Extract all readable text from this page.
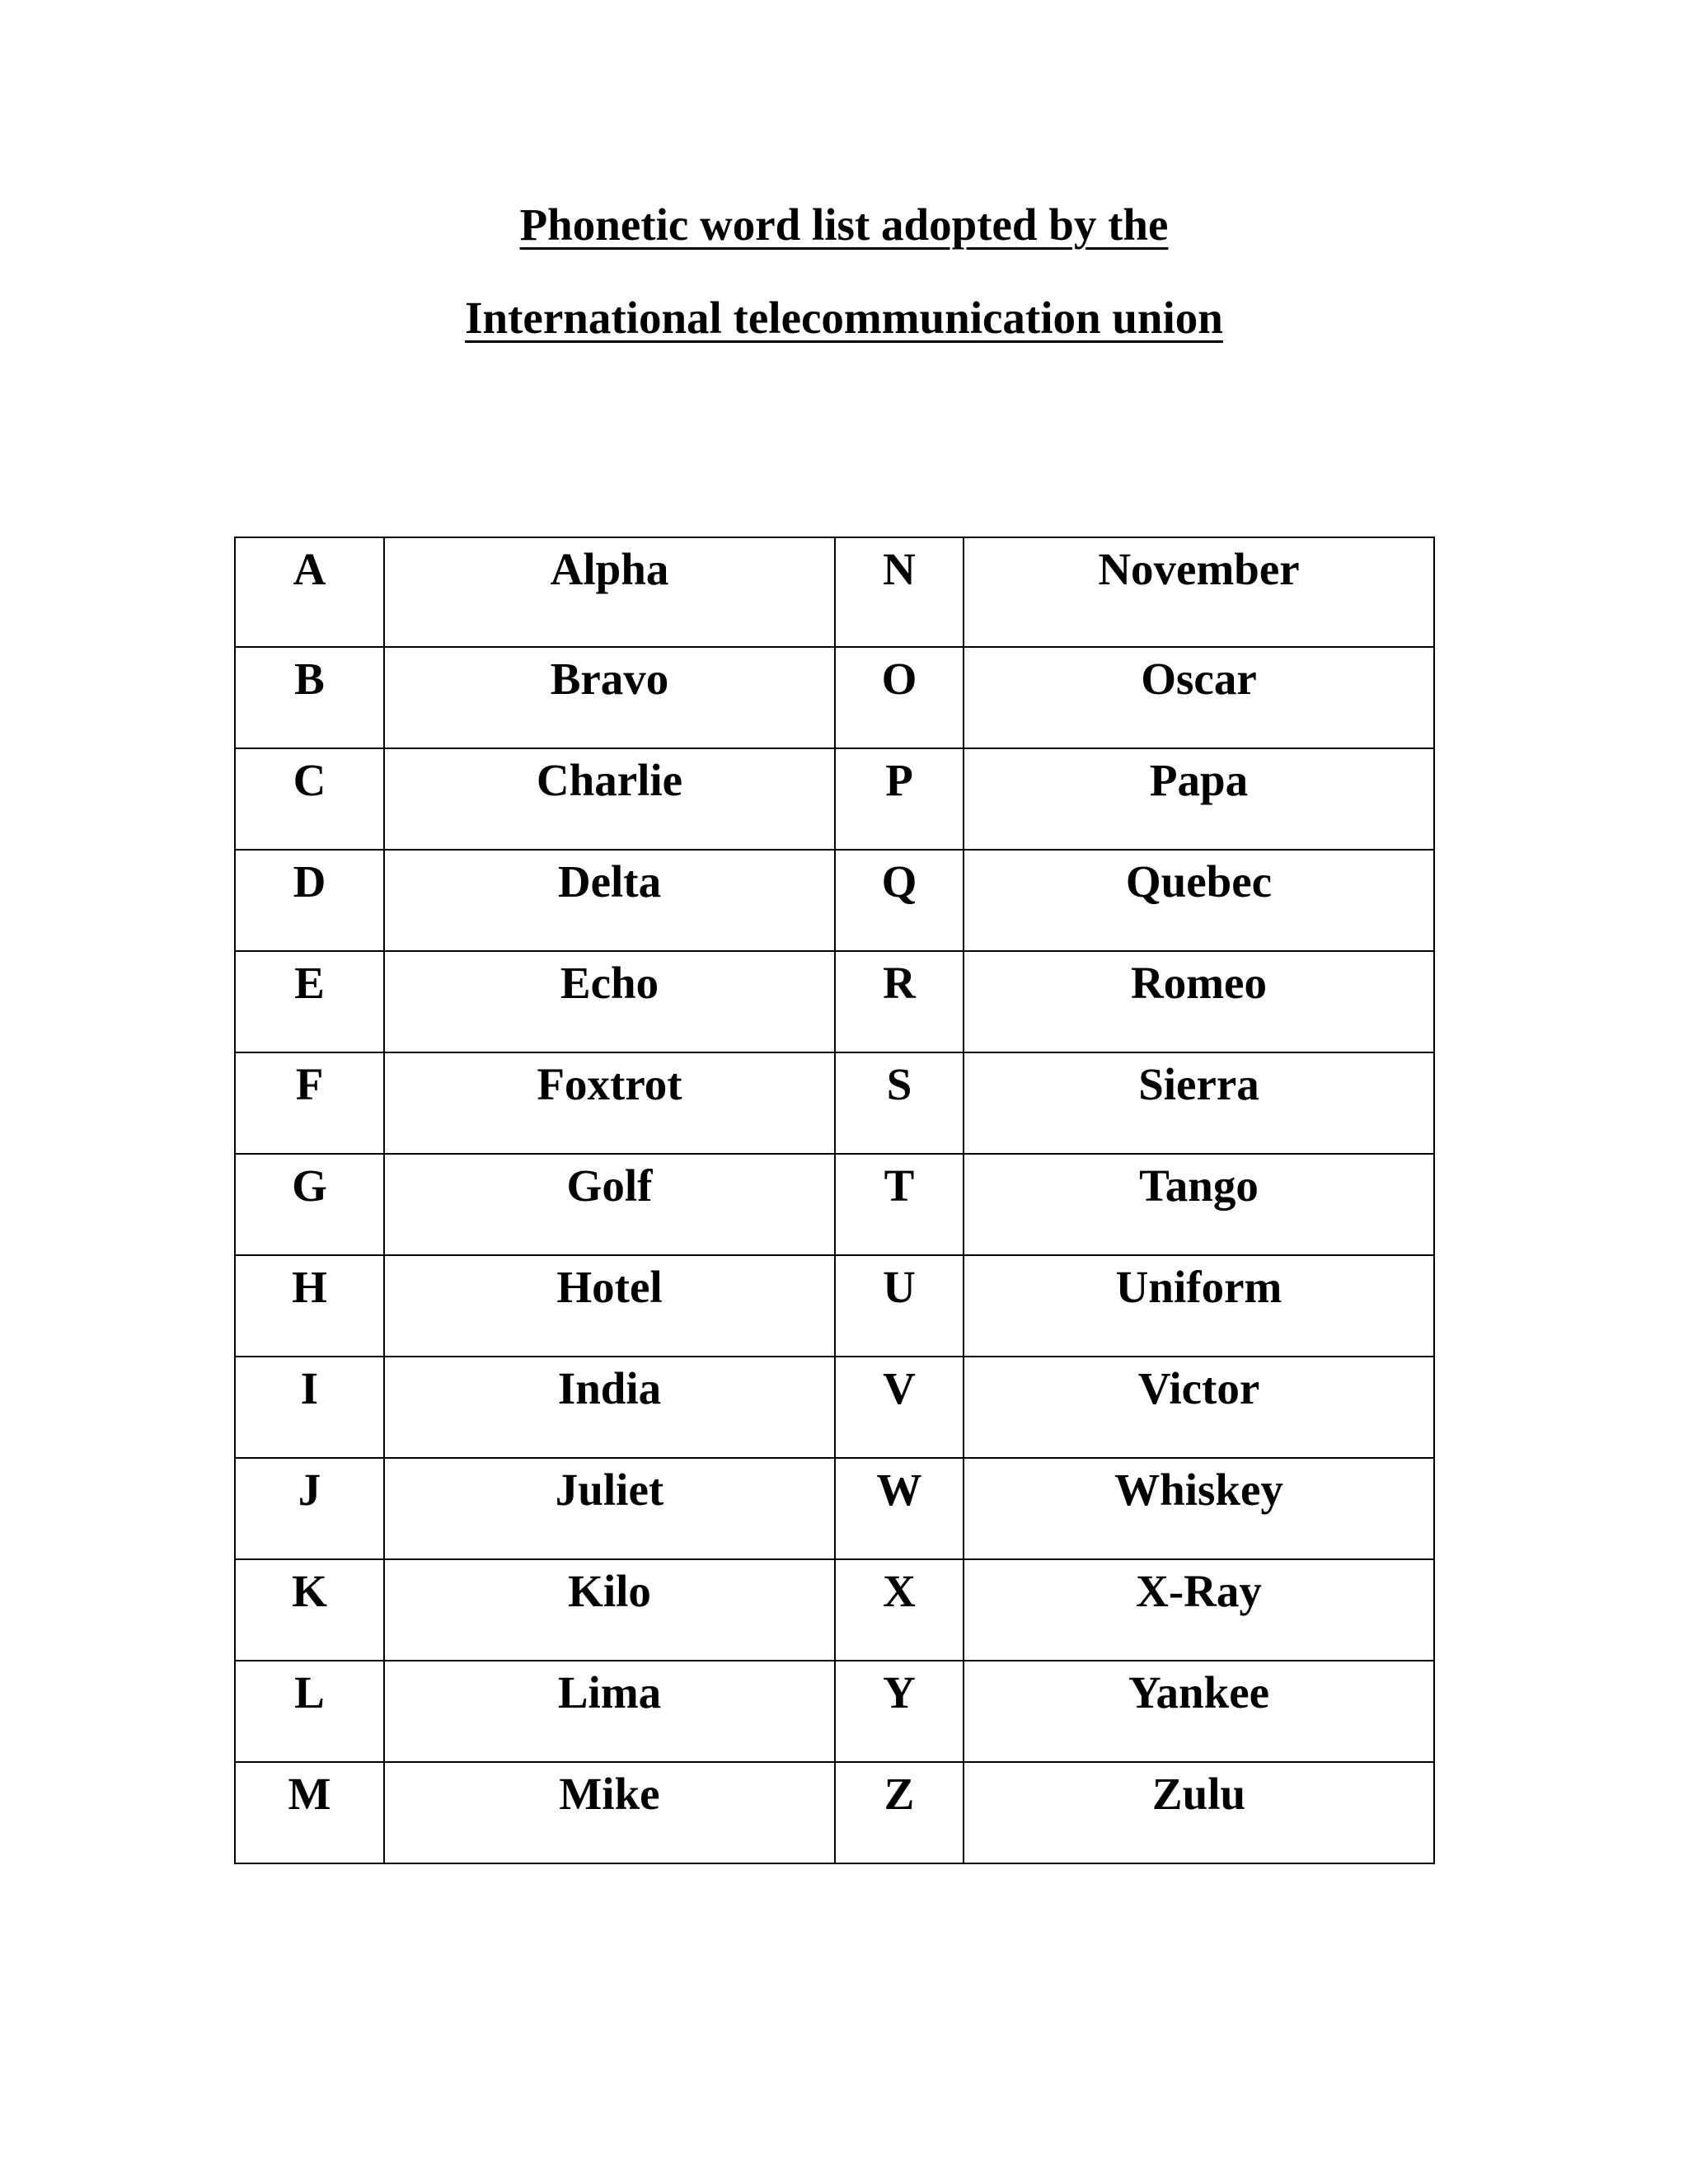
Phonetic word list adopted by the
International telecommunication union
A	Alpha	N	November

B	Bravo	O	Oscar

C	Charlie	P	Papa

D	Delta	Q	Quebec

E	Echo	R	Romeo

F	Foxtrot	S	Sierra

G	Golf	T	Tango

H	Hotel	U	Uniform

I	India	V	Victor

J	Juliet	W	Whiskey

K	Kilo	X	X-Ray

L	Lima	Y	Yankee

M	Mike	Z	Zulu
